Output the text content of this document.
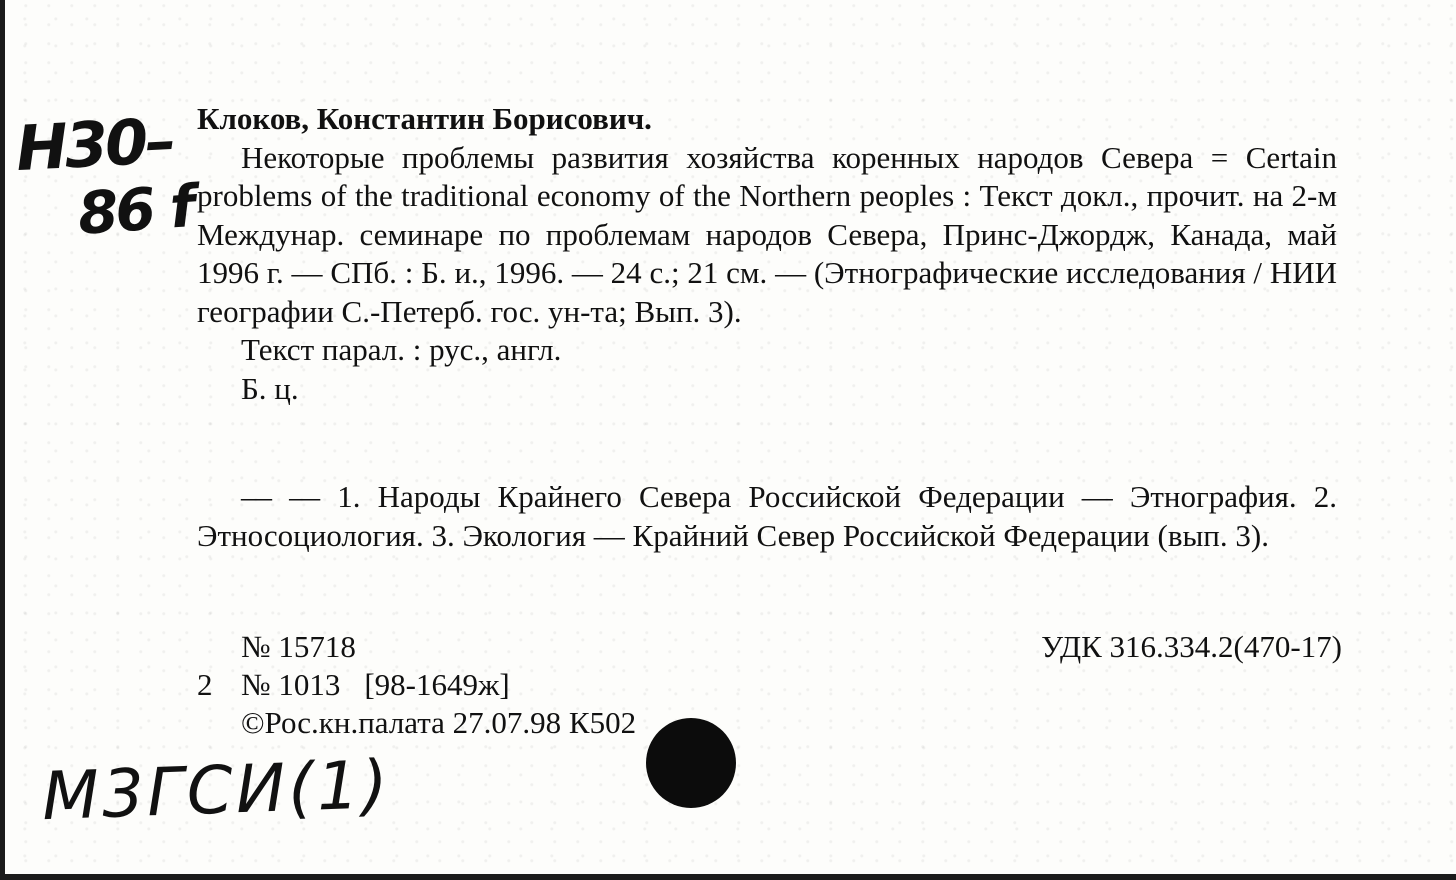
Н30–
86 f

Клоков, Константин Борисович.

Некоторые проблемы развития хозяйства коренных народов Севера = Certain problems of the traditional economy of the Northern peoples : Текст докл., прочит. на 2-м Междунар. семинаре по проблемам народов Севера, Принс-Джордж, Канада, май 1996 г. — СПб. : Б. и., 1996. — 24 с.; 21 см. — (Этнографические исследования / НИИ географии С.-Петерб. гос. ун-та; Вып. 3).

Текст парал. : рус., англ.

Б. ц.

— — 1. Народы Крайнего Севера Российской Федерации — Этнография. 2. Этносоциология. 3. Экология — Крайний Север Российской Федерации (вып. 3).

№ 15718	УДК 316.334.2(470-17)
2 № 1013 [98-1649ж]
©Рос.кн.палата 27.07.98 К502
М3ГСИ(1)
